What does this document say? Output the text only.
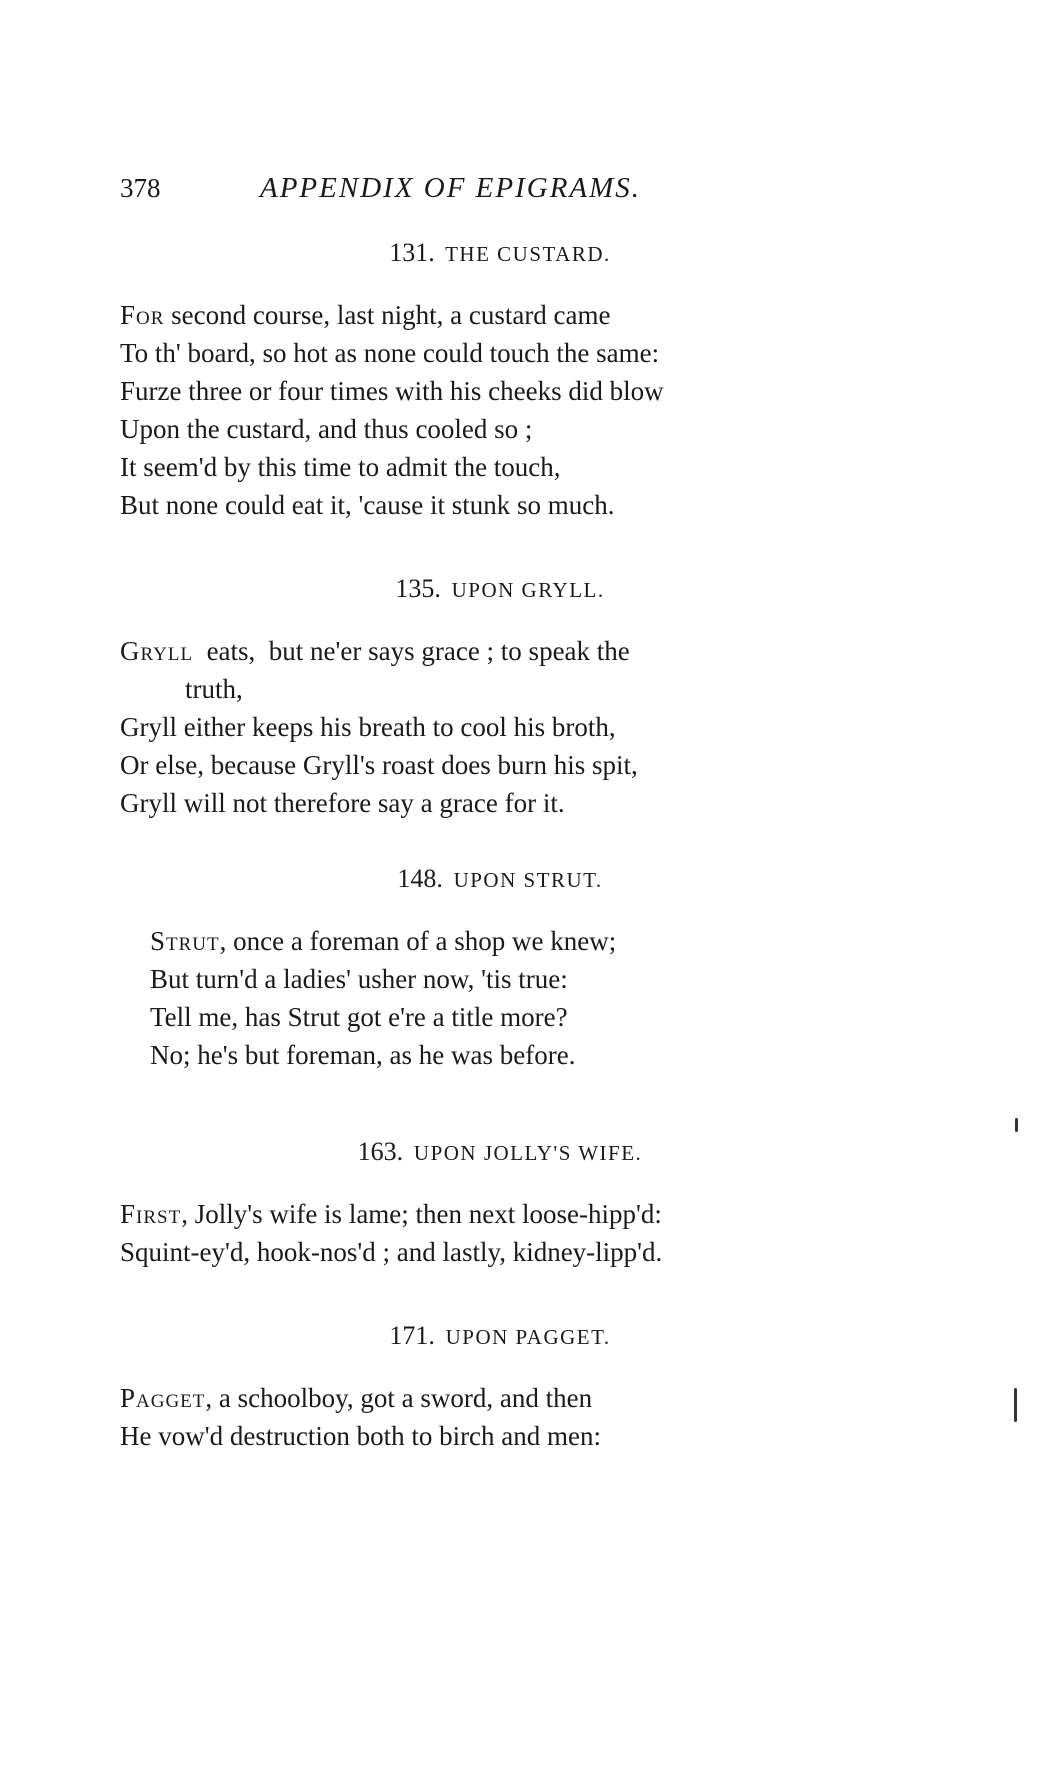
378	APPENDIX OF EPIGRAMS.
131. THE CUSTARD.
For second course, last night, a custard came
To th' board, so hot as none could touch the same:
Furze three or four times with his cheeks did blow
Upon the custard, and thus cooled so ;
It seem'd by this time to admit the touch,
But none could eat it, 'cause it stunk so much.
135. UPON GRYLL.
Gryll  eats,  but ne'er says grace ; to speak the
truth,
Gryll either keeps his breath to cool his broth,
Or else, because Gryll's roast does burn his spit,
Gryll will not therefore say a grace for it.
148. UPON STRUT.
Strut, once a foreman of a shop we knew;
But turn'd a ladies' usher now, 'tis true:
Tell me, has Strut got e're a title more?
No; he's but foreman, as he was before.
163. UPON JOLLY'S WIFE.
First, Jolly's wife is lame; then next loose-hipp'd:
Squint-ey'd, hook-nos'd ; and lastly, kidney-lipp'd.
171. UPON PAGGET.
Pagget, a schoolboy, got a sword, and then
He vow'd destruction both to birch and men:
